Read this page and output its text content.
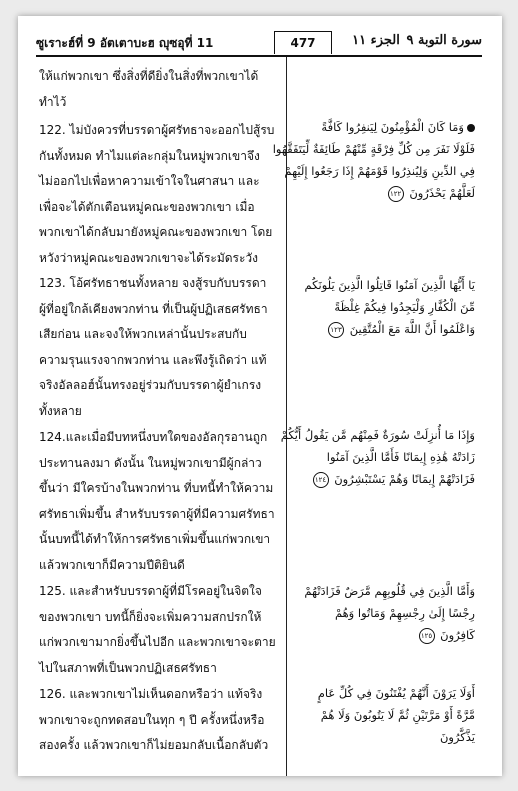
ซูเราะฮ์ที่ 9 อัตเตาบะฮ ญุซอุที่ 11	477	الجزء ١١ سورة التوبة ٩
ให้แก่พวกเขา ซึ่งสิ่งที่ดียิ่งในสิ่งที่พวกเขาได้
ทำไว้
122. ไม่บังควรที่บรรดาผู้ศรัทธาจะออกไปสู้รบ
กันทั้งหมด ทำไมแต่ละกลุ่มในหมู่พวกเขาจึง
ไม่ออกไปเพื่อหาความเข้าใจในศาสนา และ
เพื่อจะได้ตักเตือนหมู่คณะของพวกเขา เมื่อ
พวกเขาได้กลับมายังหมู่คณะของพวกเขา โดย
หวังว่าหมู่คณะของพวกเขาจะได้ระมัดระวัง
وَمَا كَانَ الْمُؤْمِنُونَ لِيَنفِرُوا كَافَّةً
فَلَوْلَا نَفَرَ مِن كُلِّ فِرْقَةٍ مِّنْهُمْ طَائِفَةٌ لِّيَتَفَقَّهُوا
فِي الدِّينِ وَلِيُنذِرُوا قَوْمَهُمْ إِذَا رَجَعُوا إِلَيْهِمْ
لَعَلَّهُمْ يَحْذَرُونَ ١٢٢
123. โอ้ศรัทธาชนทั้งหลาย จงสู้รบกับบรรดา
ผู้ที่อยู่ใกล้เคียงพวกท่าน ที่เป็นผู้ปฏิเสธศรัทธา
เสียก่อน และจงให้พวกเหล่านั้นประสบกับ
ความรุนแรงจากพวกท่าน และพึงรู้เถิดว่า แท้
จริงอัลลอฮ์นั้นทรงอยู่ร่วมกับบรรดาผู้ยำเกรง
ทั้งหลาย
يَا أَيُّهَا الَّذِينَ آمَنُوا قَاتِلُوا الَّذِينَ يَلُونَكُم
مِّنَ الْكُفَّارِ وَلْيَجِدُوا فِيكُمْ غِلْظَةً
وَاعْلَمُوا أَنَّ اللَّهَ مَعَ الْمُتَّقِينَ ١٢٣
124.และเมื่อมีบทหนึ่งบทใดของอัลกุรอานถูก
ประทานลงมา ดังนั้น ในหมู่พวกเขามีผู้กล่าว
ขึ้นว่า มีใครบ้างในพวกท่าน ที่บทนี้ทำให้ความ
ศรัทธาเพิ่มขึ้น สำหรับบรรดาผู้ที่มีความศรัทธา
นั้นบทนี้ได้ทำให้การศรัทธาเพิ่มขึ้นแก่พวกเขา
แล้วพวกเขาก็มีความปีติยินดี
وَإِذَا مَا أُنزِلَتْ سُورَةٌ فَمِنْهُم مَّن يَقُولُ أَيُّكُمْ
زَادَتْهُ هَٰذِهِ إِيمَانًا فَأَمَّا الَّذِينَ آمَنُوا
فَزَادَتْهُمْ إِيمَانًا وَهُمْ يَسْتَبْشِرُونَ ١٢٤
125. และสำหรับบรรดาผู้ที่มีโรคอยู่ในจิตใจ
ของพวกเขา บทนี้ก็ยิ่งจะเพิ่มความสกปรกให้
แก่พวกเขามากยิ่งขึ้นไปอีก และพวกเขาจะตาย
ไปในสภาพที่เป็นพวกปฏิเสธศรัทธา
وَأَمَّا الَّذِينَ فِي قُلُوبِهِم مَّرَضٌ فَزَادَتْهُمْ
رِجْسًا إِلَىٰ رِجْسِهِمْ وَمَاتُوا وَهُمْ
كَافِرُونَ ١٢٥
126. และพวกเขาไม่เห็นดอกหรือว่า แท้จริง
พวกเขาจะถูกทดสอบในทุก ๆ ปี ครั้งหนึ่งหรือ
สองครั้ง แล้วพวกเขาก็ไม่ยอมกลับเนื้อกลับตัว
أَوَلَا يَرَوْنَ أَنَّهُمْ يُفْتَنُونَ فِي كُلِّ عَامٍ
مَّرَّةً أَوْ مَرَّتَيْنِ ثُمَّ لَا يَتُوبُونَ وَلَا هُمْ
يَذَّكَّرُونَ
